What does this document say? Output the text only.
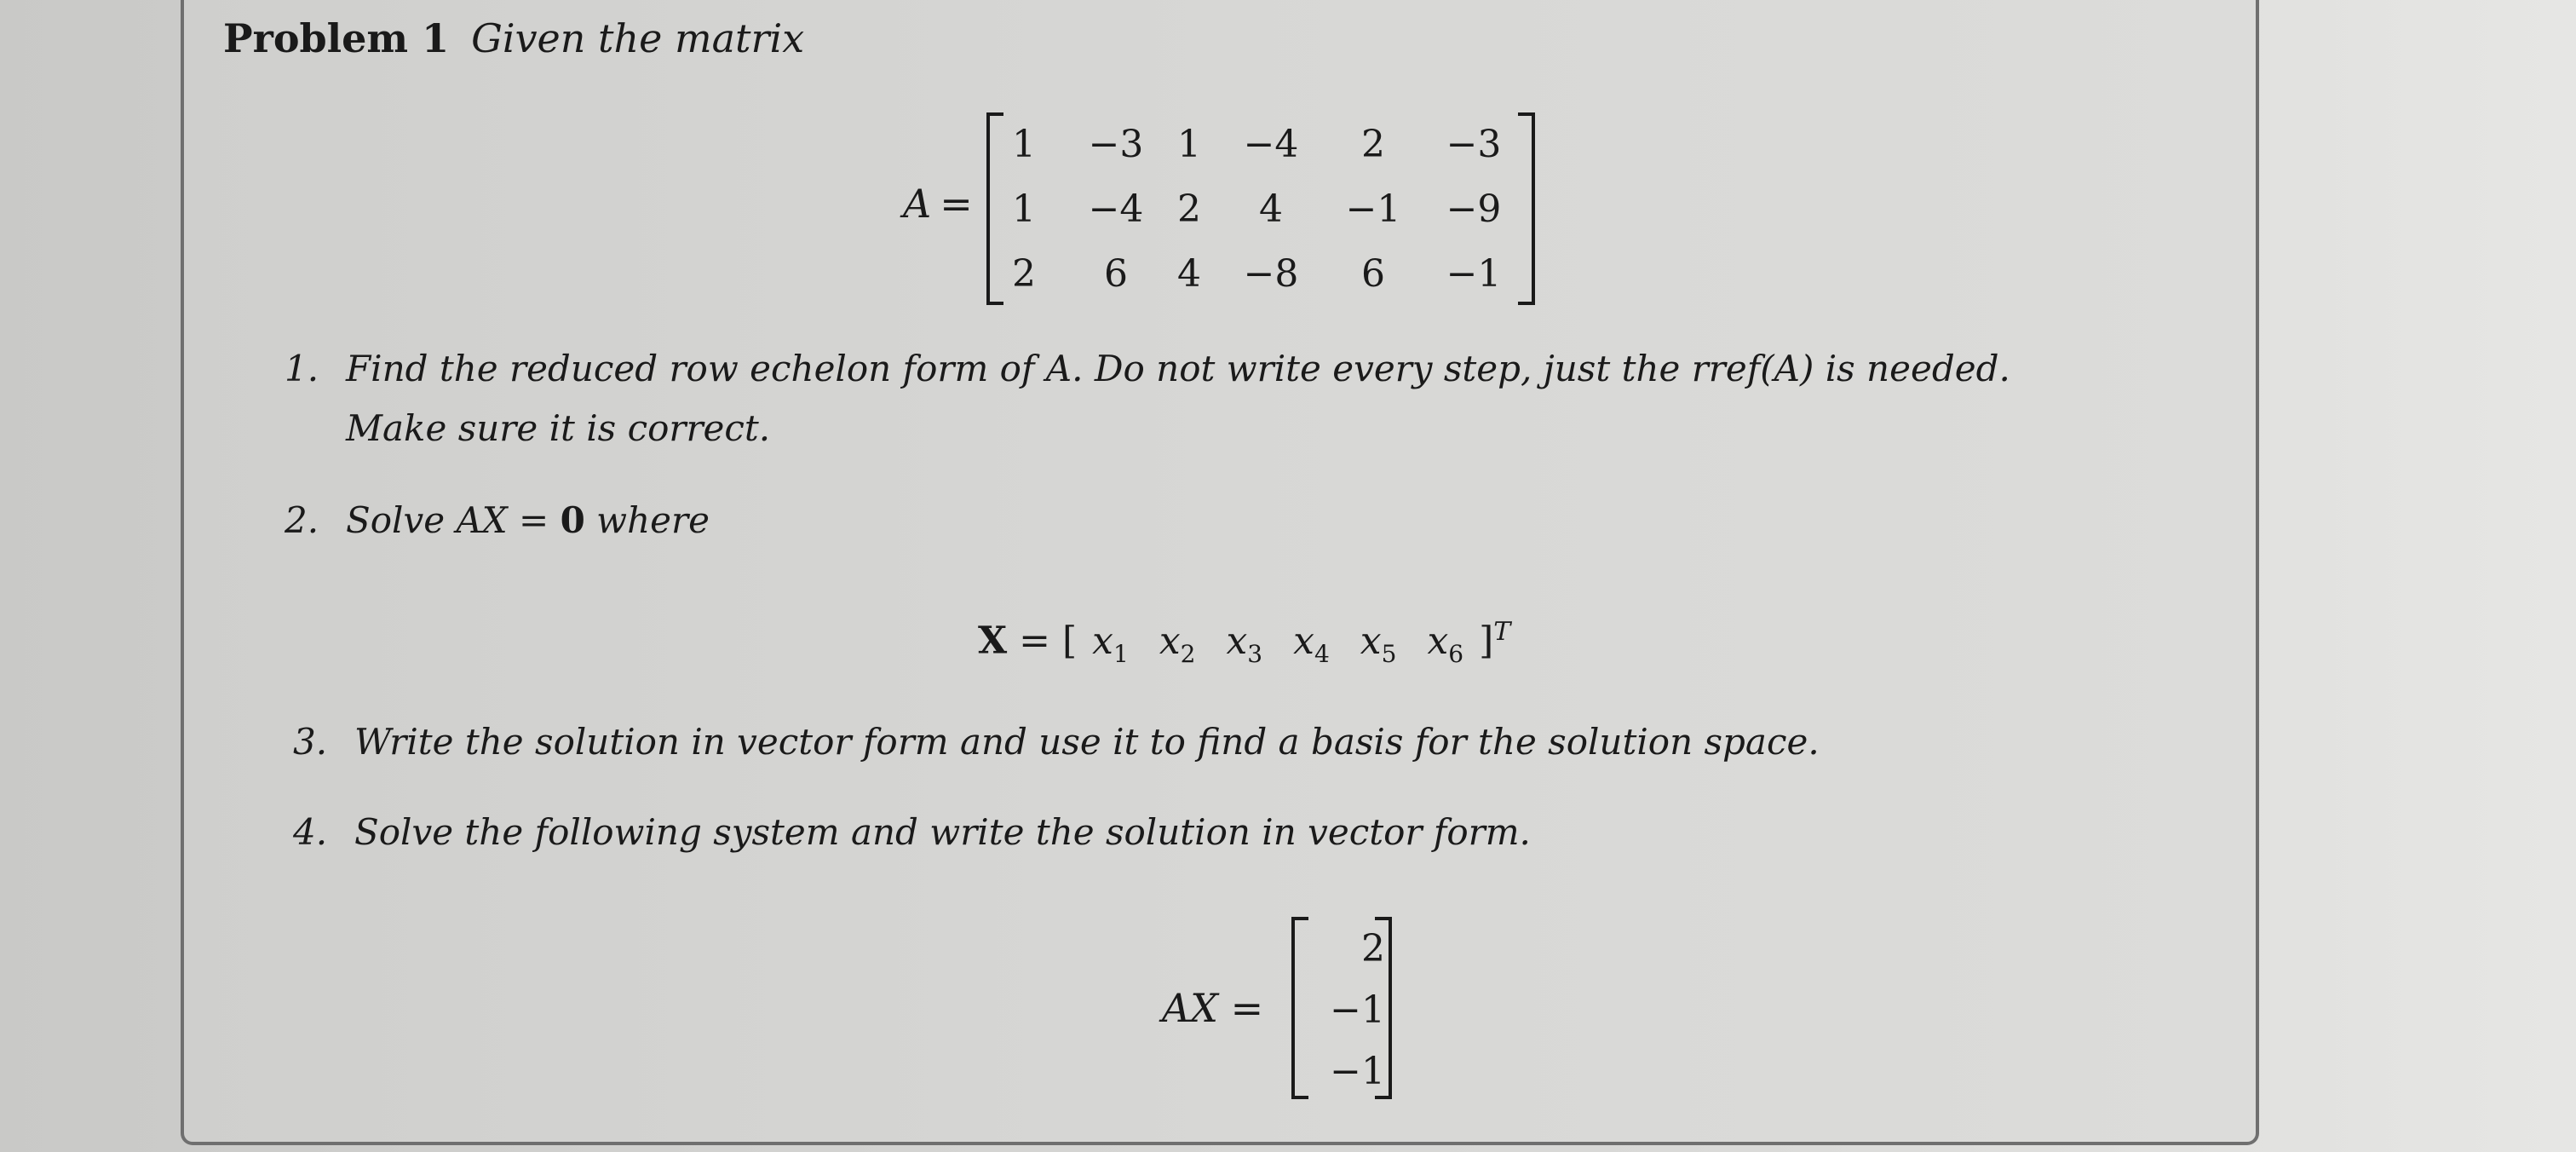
Problem 1 Given the matrix
A =
1	−3 1	−4	2	−3
1	−4 2	4	−1 −9
2	6	4	−8	6	−1
1. Find the reduced row echelon form of A. Do not write every step, just the rref(A) is needed.
Make sure it is correct.
2. Solve AX = 0 where
X = [ $x_1$ $x_2$ $x_3$ $x_4$ $x_5$ $x_6$ ]$^T$
3. Write the solution in vector form and use it to find a basis for the solution space.
4. Solve the following system and write the solution in vector form.
AX =
2
−1
−1
